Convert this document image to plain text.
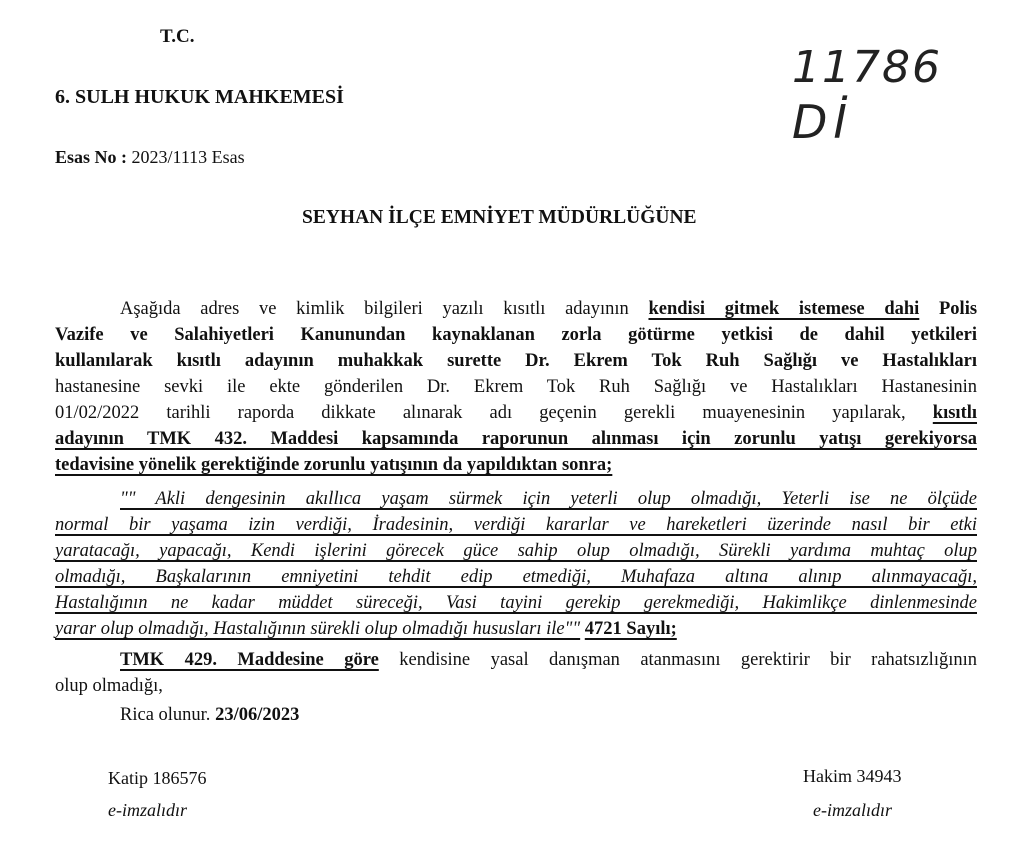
T.C.
6. SULH HUKUK MAHKEMESİ
Esas No : 2023/1113 Esas
SEYHAN İLÇE EMNİYET MÜDÜRLÜĞÜNE
11786
Dİ
Aşağıda adres ve kimlik bilgileri yazılı kısıtlı adayının kendisi gitmek istemese dahi Polis
Vazife ve Salahiyetleri Kanunundan kaynaklanan zorla götürme yetkisi de dahil yetkileri
kullanılarak kısıtlı adayının muhakkak surette Dr. Ekrem Tok Ruh Sağlığı ve Hastalıkları
hastanesine sevki ile ekte gönderilen Dr. Ekrem Tok Ruh Sağlığı ve Hastalıkları Hastanesinin
01/02/2022 tarihli raporda dikkate alınarak adı geçenin gerekli muayenesinin yapılarak, kısıtlı
adayının TMK 432. Maddesi kapsamında raporunun alınması için zorunlu yatışı gerekiyorsa
tedavisine yönelik gerektiğinde zorunlu yatışının da yapıldıktan sonra;
"" Akli dengesinin akıllıca yaşam sürmek için yeterli olup olmadığı, Yeterli ise ne ölçüde
normal bir yaşama izin verdiği, İradesinin, verdiği kararlar ve hareketleri üzerinde nasıl bir etki
yaratacağı, yapacağı, Kendi işlerini görecek güce sahip olup olmadığı, Sürekli yardıma muhtaç olup
olmadığı, Başkalarının emniyetini tehdit edip etmediği, Muhafaza altına alınıp alınmayacağı,
Hastalığının ne kadar müddet süreceği, Vasi tayini gerekip gerekmediği, Hakimlikçe dinlenmesinde
yarar olup olmadığı, Hastalığının sürekli olup olmadığı hususları ile"" 4721 Sayılı;
TMK 429. Maddesine göre kendisine yasal danışman atanmasını gerektirir bir rahatsızlığının
olup olmadığı,
Rica olunur. 23/06/2023
Katip 186576
e-imzalıdır
Hakim 34943
e-imzalıdır
